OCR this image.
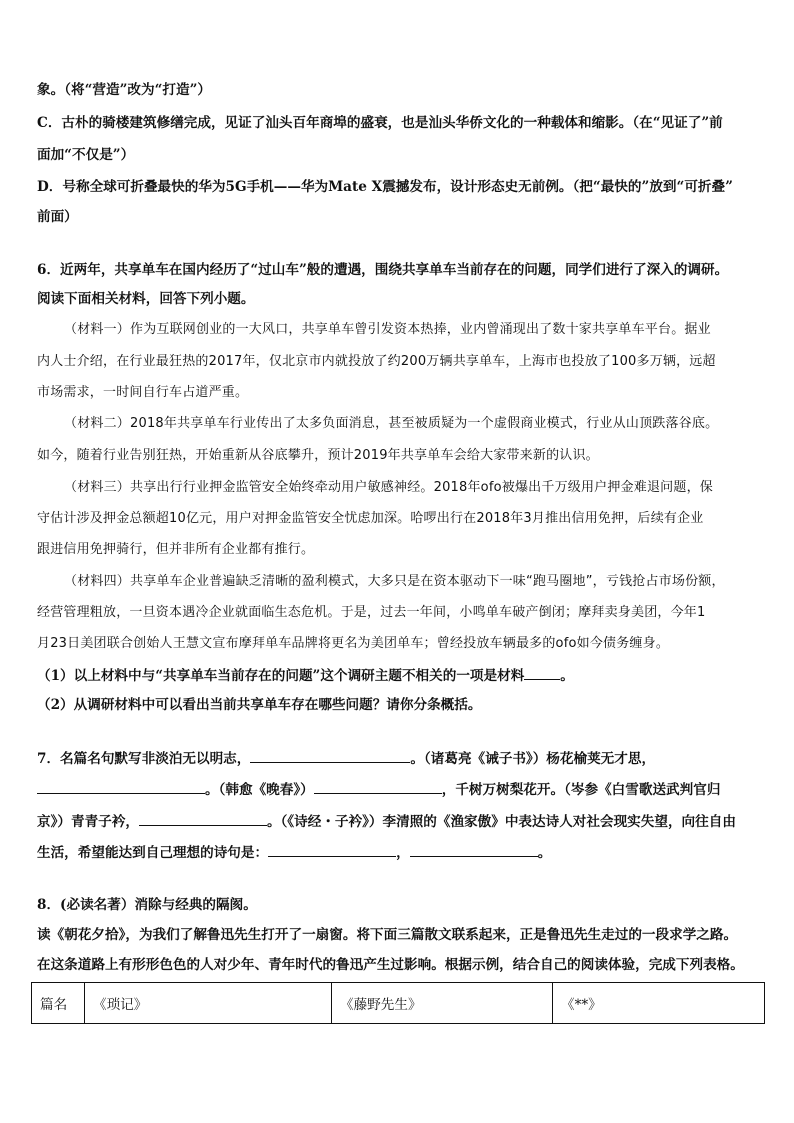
象。（将“营造”改为“打造”）
C．古朴的骑楼建筑修缮完成，见证了汕头百年商埠的盛衰，也是汕头华侨文化的一种载体和缩影。（在“见证了”前
面加“不仅是”）
D．号称全球可折叠最快的华为5G手机——华为Mate X震撼发布，设计形态史无前例。（把“最快的”放到“可折叠”
前面）
6．近两年，共享单车在国内经历了“过山车”般的遭遇，围绕共享单车当前存在的问题，同学们进行了深入的调研。
阅读下面相关材料，回答下列小题。
（材料一）作为互联网创业的一大风口，共享单车曾引发资本热捧，业内曾涌现出了数十家共享单车平台。据业
内人士介绍，在行业最狂热的2017年，仅北京市内就投放了约200万辆共享单车，上海市也投放了100多万辆，远超
市场需求，一时间自行车占道严重。
（材料二）2018年共享单车行业传出了太多负面消息，甚至被质疑为一个虚假商业模式，行业从山顶跌落谷底。
如今，随着行业告别狂热，开始重新从谷底攀升，预计2019年共享单车会给大家带来新的认识。
（材料三）共享出行行业押金监管安全始终牵动用户敏感神经。2018年ofo被爆出千万级用户押金难退问题，保
守估计涉及押金总额超10亿元，用户对押金监管安全忧虑加深。哈啰出行在2018年3月推出信用免押，后续有企业
跟进信用免押骑行，但并非所有企业都有推行。
（材料四）共享单车企业普遍缺乏清晰的盈利模式，大多只是在资本驱动下一味“跑马圈地”，亏钱抢占市场份额，
经营管理粗放，一旦资本遇冷企业就面临生态危机。于是，过去一年间，小鸣单车破产倒闭；摩拜卖身美团，今年1
月23日美团联合创始人王慧文宣布摩拜单车品牌将更名为美团单车；曾经投放车辆最多的ofo如今债务缠身。
（1）以上材料中与“共享单车当前存在的问题”这个调研主题不相关的一项是材料	。
（2）从调研材料中可以看出当前共享单车存在哪些问题？请你分条概括。
7．名篇名句默写非淡泊无以明志，	。（诸葛亮《诫子书》）杨花榆荚无才思，
。（韩愈《晚春》）	，千树万树梨花开。（岑参《白雪歌送武判官归
京》）青青子衿，	。（《诗经・子衿》）李清照的《渔家傲》中表达诗人对社会现实失望，向往自由
生活，希望能达到自己理想的诗句是：	，	。
8．(必读名著）消除与经典的隔阂。
读《朝花夕拾》，为我们了解鲁迅先生打开了一扇窗。将下面三篇散文联系起来，正是鲁迅先生走过的一段求学之路。
在这条道路上有形形色色的人对少年、青年时代的鲁迅产生过影响。根据示例，结合自己的阅读体验，完成下列表格。
篇名	《琐记》	《藤野先生》	《**》
